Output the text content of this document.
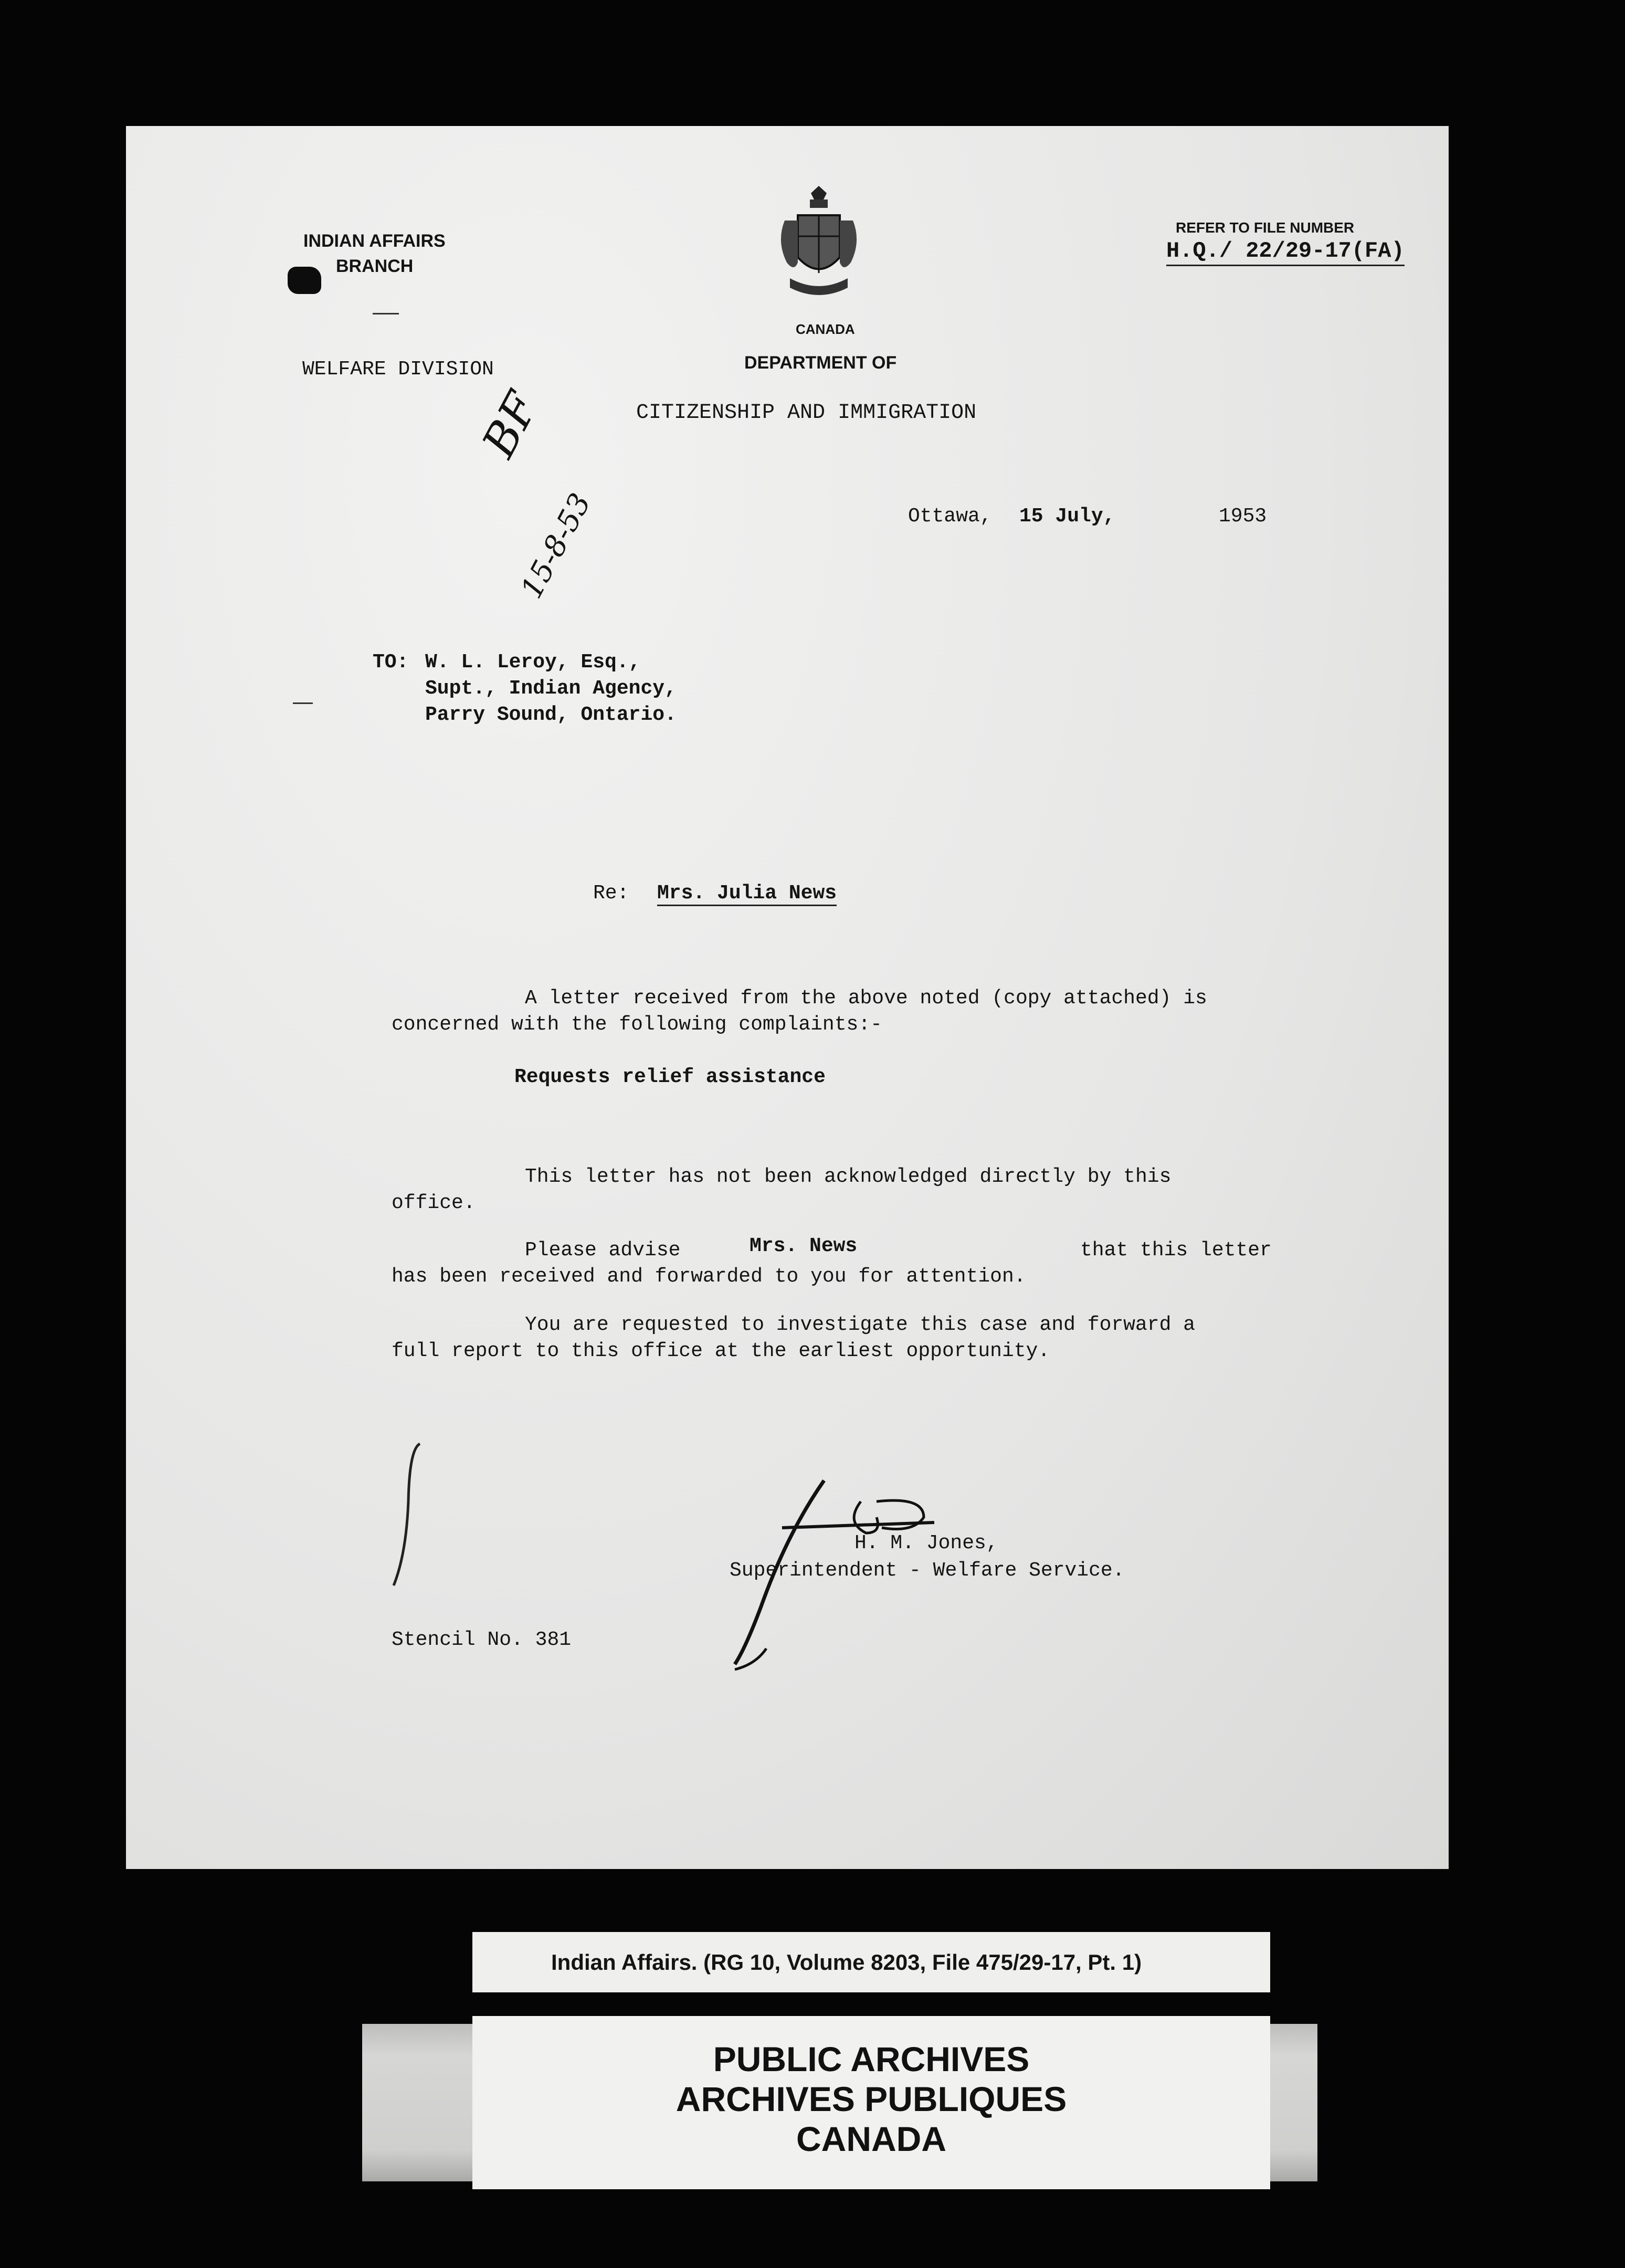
INDIAN AFFAIRS
BRANCH
WELFARE DIVISION
CANADA
DEPARTMENT OF
CITIZENSHIP AND IMMIGRATION
REFER TO FILE NUMBER
H.Q./ 22/29-17(FA)
BF
15-8-53	Ottawa, 15 July,	1953
TO: W. L. Leroy, Esq.,
Supt., Indian Agency,
Parry Sound, Ontario.
Re: Mrs. Julia News
A letter received from the above noted (copy attached) is
concerned with the following complaints:-
Requests relief assistance
This letter has not been acknowledged directly by this
office.
Please advise	Mrs. News	that this letter
has been received and forwarded to you for attention.
You are requested to investigate this case and forward a
full report to this office at the earliest opportunity.
H. M. Jones,
Superintendent - Welfare Service.
Stencil No. 381
Indian Affairs. (RG 10, Volume 8203, File 475/29-17, Pt. 1)
PUBLIC ARCHIVES
ARCHIVES PUBLIQUES
CANADA
